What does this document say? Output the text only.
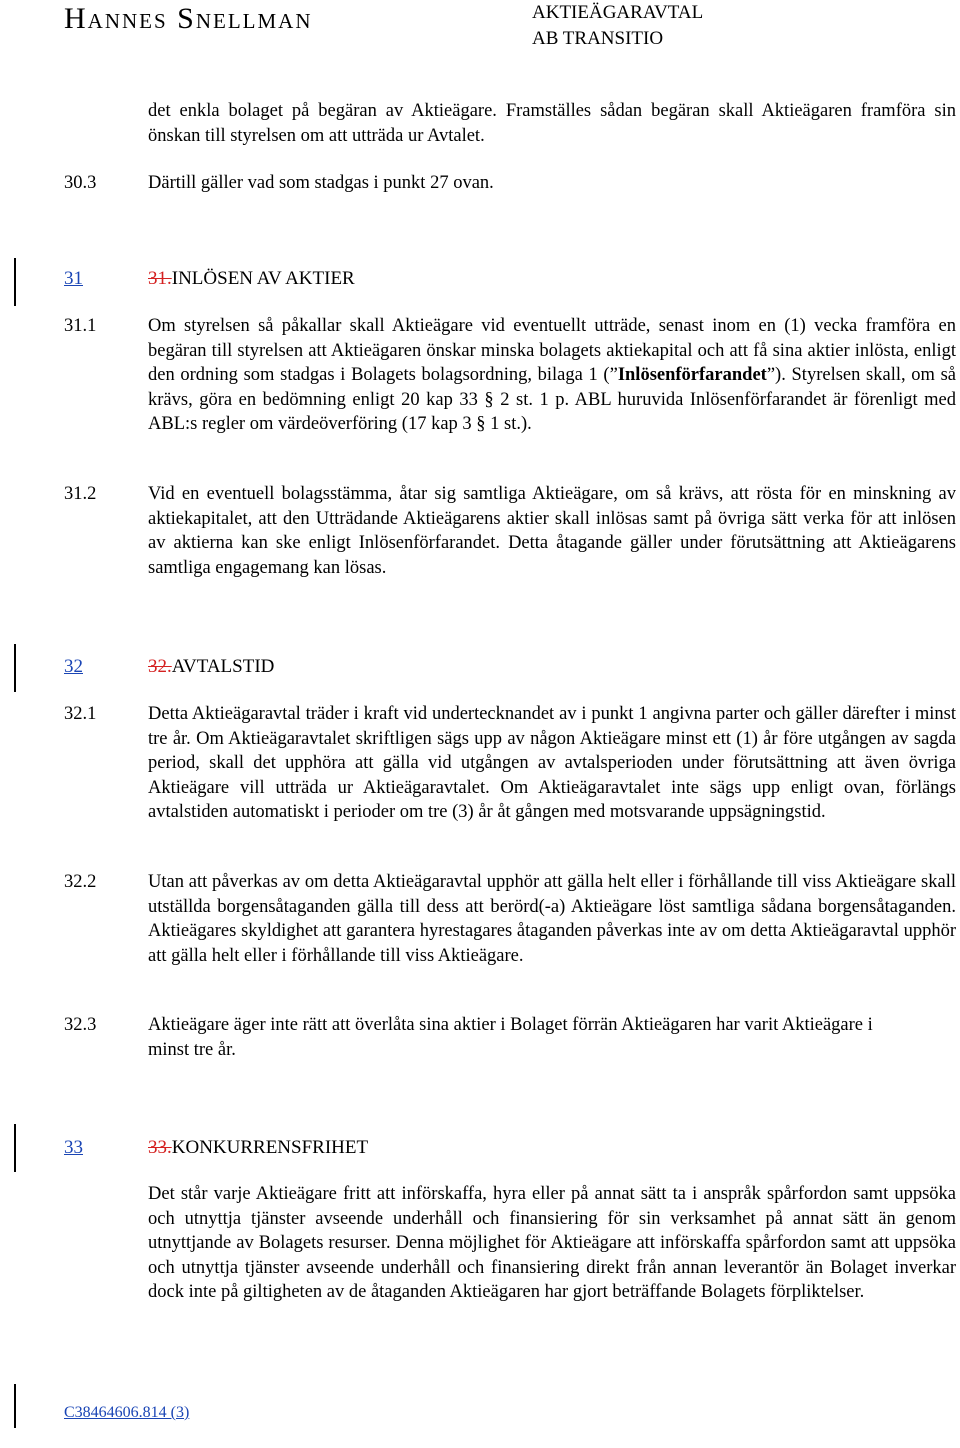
Hannes Snellman	AKTIEÄGARAVTAL
AB TRANSITIO
det enkla bolaget på begäran av Aktieägare. Framställes sådan begäran skall Aktieägaren framföra sin önskan till styrelsen om att utträda ur Avtalet.
30.3	Därtill gäller vad som stadgas i punkt 27 ovan.
31	31.INLÖSEN AV AKTIER
31.1	Om styrelsen så påkallar skall Aktieägare vid eventuellt utträde, senast inom en (1) vecka framföra en begäran till styrelsen att Aktieägaren önskar minska bolagets aktiekapital och att få sina aktier inlösta, enligt den ordning som stadgas i Bolagets bolagsordning, bilaga 1 (”Inlösenförfarandet”). Styrelsen skall, om så krävs, göra en bedömning enligt 20 kap 33 § 2 st. 1 p. ABL huruvida Inlösenförfarandet är förenligt med ABL:s regler om värdeöverföring (17 kap 3 § 1 st.).
31.2	Vid en eventuell bolagsstämma, åtar sig samtliga Aktieägare, om så krävs, att rösta för en minskning av aktiekapitalet, att den Utträdande Aktieägarens aktier skall inlösas samt på övriga sätt verka för att inlösen av aktierna kan ske enligt Inlösenförfarandet. Detta åtagande gäller under förutsättning att Aktieägarens samtliga engagemang kan lösas.
32	32.AVTALSTID
32.1	Detta Aktieägaravtal träder i kraft vid undertecknandet av i punkt 1 angivna parter och gäller därefter i minst tre år. Om Aktieägaravtalet skriftligen sägs upp av någon Aktieägare minst ett (1) år före utgången av sagda period, skall det upphöra att gälla vid utgången av avtalsperioden under förutsättning att även övriga Aktieägare vill utträda ur Aktieägaravtalet. Om Aktieägaravtalet inte sägs upp enligt ovan, förlängs avtalstiden automatiskt i perioder om tre (3) år åt gången med motsvarande uppsägningstid.
32.2	Utan att påverkas av om detta Aktieägaravtal upphör att gälla helt eller i förhållande till viss Aktieägare skall utställda borgensåtaganden gälla till dess att berörd(-a) Aktieägare löst samtliga sådana borgensåtaganden. Aktieägares skyldighet att garantera hyrestagares åtaganden påverkas inte av om detta Aktieägaravtal upphör att gälla helt eller i förhållande till viss Aktieägare.
32.3	Aktieägare äger inte rätt att överlåta sina aktier i Bolaget förrän Aktieägaren har varit Aktieägare i minst tre år.
33	33.KONKURRENSFRIHET
Det står varje Aktieägare fritt att införskaffa, hyra eller på annat sätt ta i anspråk spårfordon samt uppsöka och utnyttja tjänster avseende underhåll och finansiering för sin verksamhet på annat sätt än genom utnyttjande av Bolagets resurser. Denna möjlighet för Aktieägare att införskaffa spårfordon samt att uppsöka och utnyttja tjänster avseende underhåll och finansiering direkt från annan leverantör än Bolaget inverkar dock inte på giltigheten av de åtaganden Aktieägaren har gjort beträffande Bolagets förpliktelser.
C38464606.814 (3)
